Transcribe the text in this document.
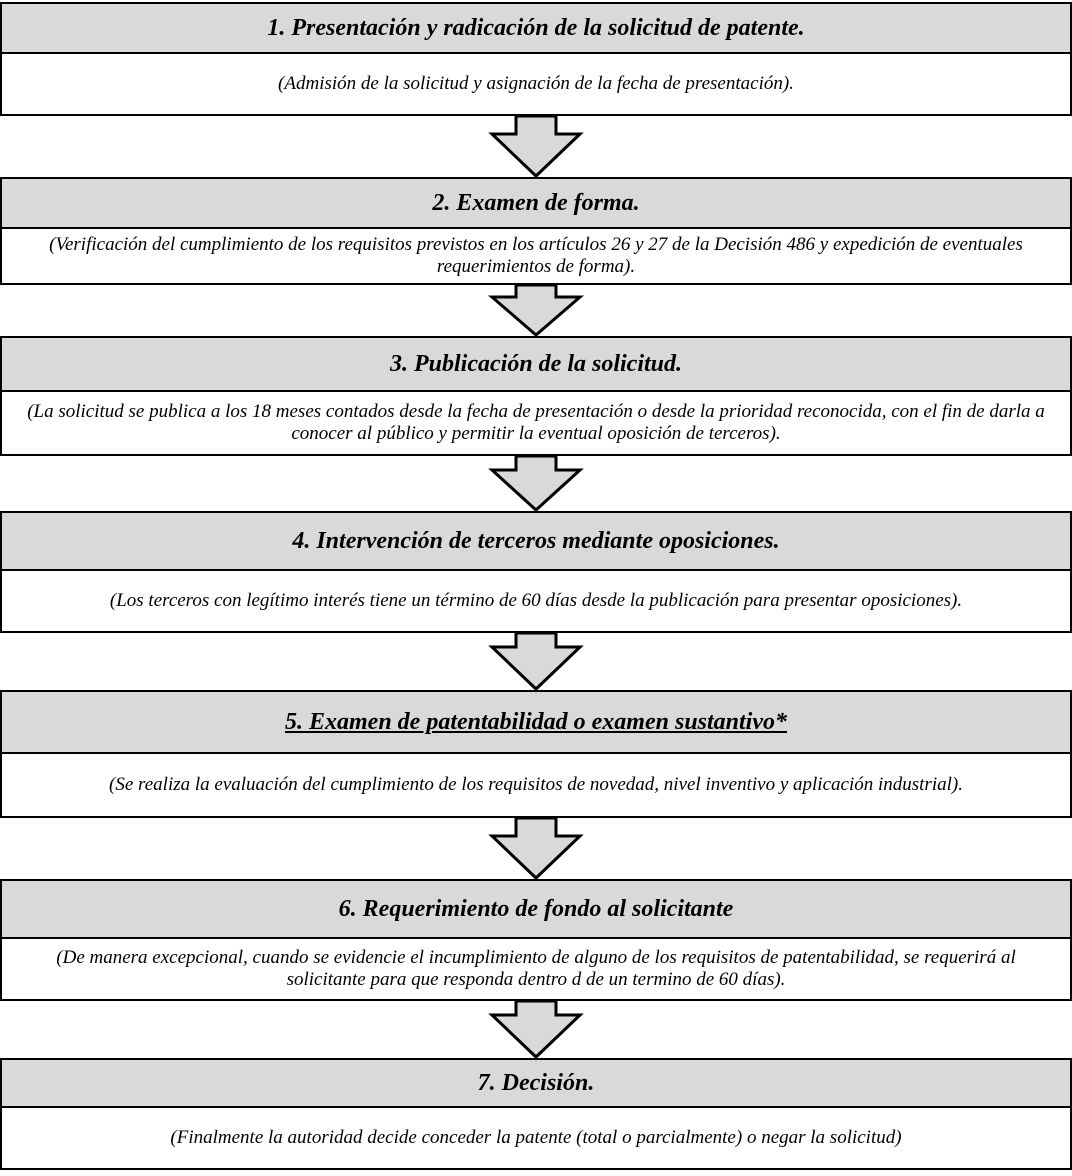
1. Presentación y radicación de la solicitud de patente.
(Admisión de la solicitud y asignación de la fecha de presentación).
2. Examen de forma.
(Verificación del cumplimiento de los requisitos previstos en los artículos 26 y 27 de la Decisión 486 y expedición de eventuales requerimientos de forma).
3. Publicación de la solicitud.
(La solicitud se publica a los 18 meses contados desde la fecha de presentación o desde la prioridad reconocida, con el fin de darla a conocer al público y permitir la eventual oposición de terceros).
4. Intervención de terceros mediante oposiciones.
(Los terceros con legítimo interés tiene un término de 60 días desde la publicación para presentar oposiciones).
5. Examen de patentabilidad o examen sustantivo*
(Se realiza la evaluación del cumplimiento de los requisitos de novedad, nivel inventivo y aplicación industrial).
6. Requerimiento de fondo al solicitante
(De manera excepcional, cuando se evidencie el incumplimiento de alguno de los requisitos de patentabilidad, se requerirá al solicitante para que responda dentro d de un termino de 60 días).
7. Decisión.
(Finalmente la autoridad decide conceder la patente (total o parcialmente) o negar la solicitud)
